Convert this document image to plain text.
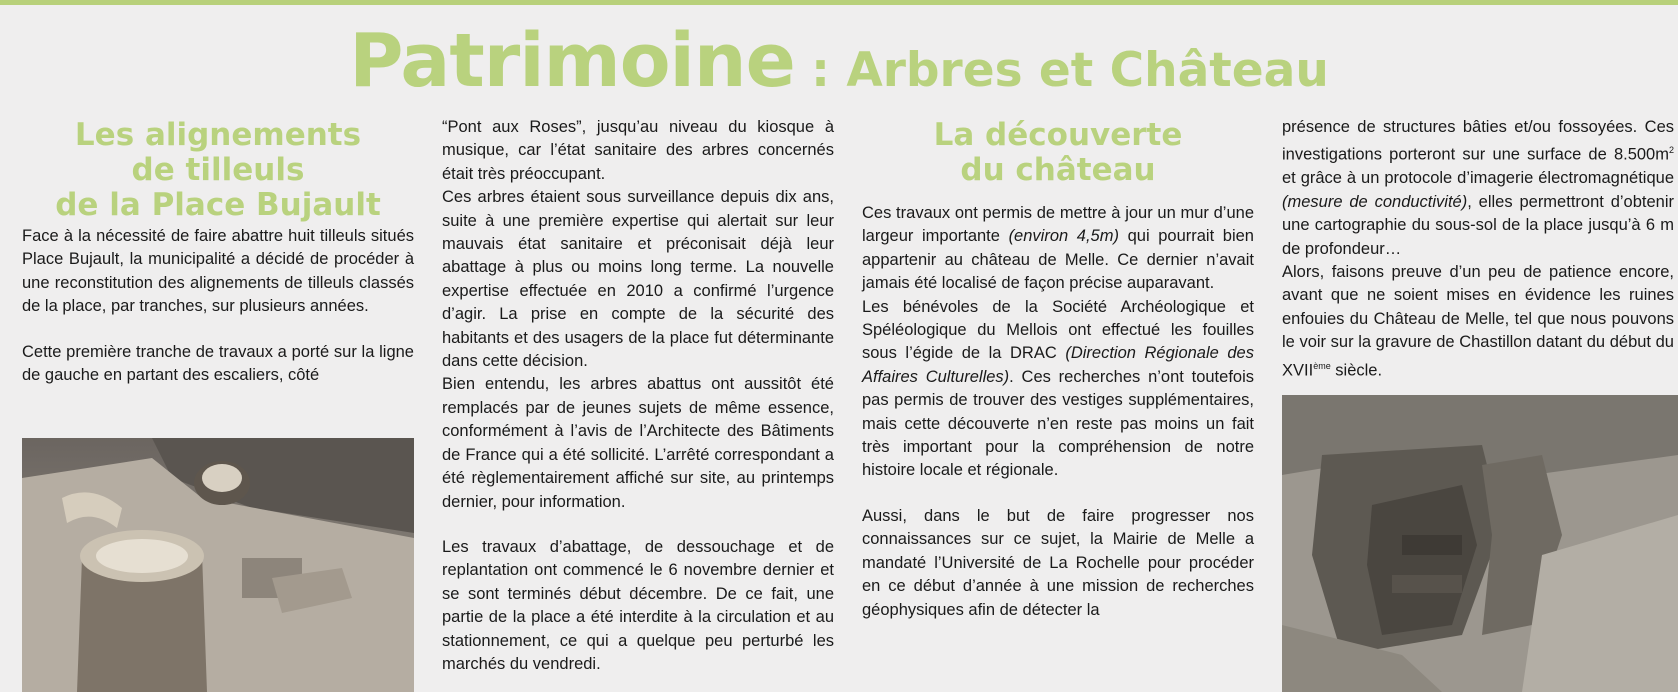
Patrimoine : Arbres et Château
Les alignements
de tilleuls
de la Place Bujault

Face à la nécessité de faire abattre huit tilleuls situés Place Bujault, la municipalité a décidé de procéder à une reconstitution des alignements de tilleuls classés de la place, par tranches, sur plusieurs années.

Cette première tranche de travaux a porté sur la ligne de gauche en partant des escaliers, côté

“Pont aux Roses”, jusqu’au niveau du kiosque à musique, car l’état sanitaire des arbres concernés était très préoccupant.

Ces arbres étaient sous surveillance depuis dix ans, suite à une première expertise qui alertait sur leur mauvais état sanitaire et préconisait déjà leur abattage à plus ou moins long terme. La nouvelle expertise effectuée en 2010 a confirmé l’urgence d’agir. La prise en compte de la sécurité des habitants et des usagers de la place fut déterminante dans cette décision.

Bien entendu, les arbres abattus ont aussitôt été remplacés par de jeunes sujets de même essence, conformément à l’avis de l’Architecte des Bâtiments de France qui a été sollicité. L’arrêté correspondant a été règlementairement affiché sur site, au printemps dernier, pour information.

Les travaux d’abattage, de dessouchage et de replantation ont commencé le 6 novembre dernier et se sont terminés début décembre. De ce fait, une partie de la place a été interdite à la circulation et au stationnement, ce qui a quelque peu perturbé les marchés du vendredi.

La découverte
du château

Ces travaux ont permis de mettre à jour un mur d’une largeur importante (environ 4,5m) qui pourrait bien appartenir au château de Melle. Ce dernier n’avait jamais été localisé de façon précise auparavant.

Les bénévoles de la Société Archéologique et Spéléologique du Mellois ont effectué les fouilles sous l’égide de la DRAC (Direction Régionale des Affaires Culturelles). Ces recherches n’ont toutefois pas permis de trouver des vestiges supplémentaires, mais cette découverte n’en reste pas moins un fait très important pour la compréhension de notre histoire locale et régionale.

Aussi, dans le but de faire progresser nos connaissances sur ce sujet, la Mairie de Melle a mandaté l’Université de La Rochelle pour procéder en ce début d’année à une mission de recherches géophysiques afin de détecter la

présence de structures bâties et/ou fossoyées. Ces investigations porteront sur une surface de $8.500m^2$ et grâce à un protocole d’imagerie électromagnétique (mesure de conductivité), elles permettront d’obtenir une cartographie du sous-sol de la place jusqu’à 6 m de profondeur…

Alors, faisons preuve d’un peu de patience encore, avant que ne soient mises en évidence les ruines enfouies du Château de Melle, tel que nous pouvons le voir sur la gravure de Chastillon datant du début du XVIIème siècle.
